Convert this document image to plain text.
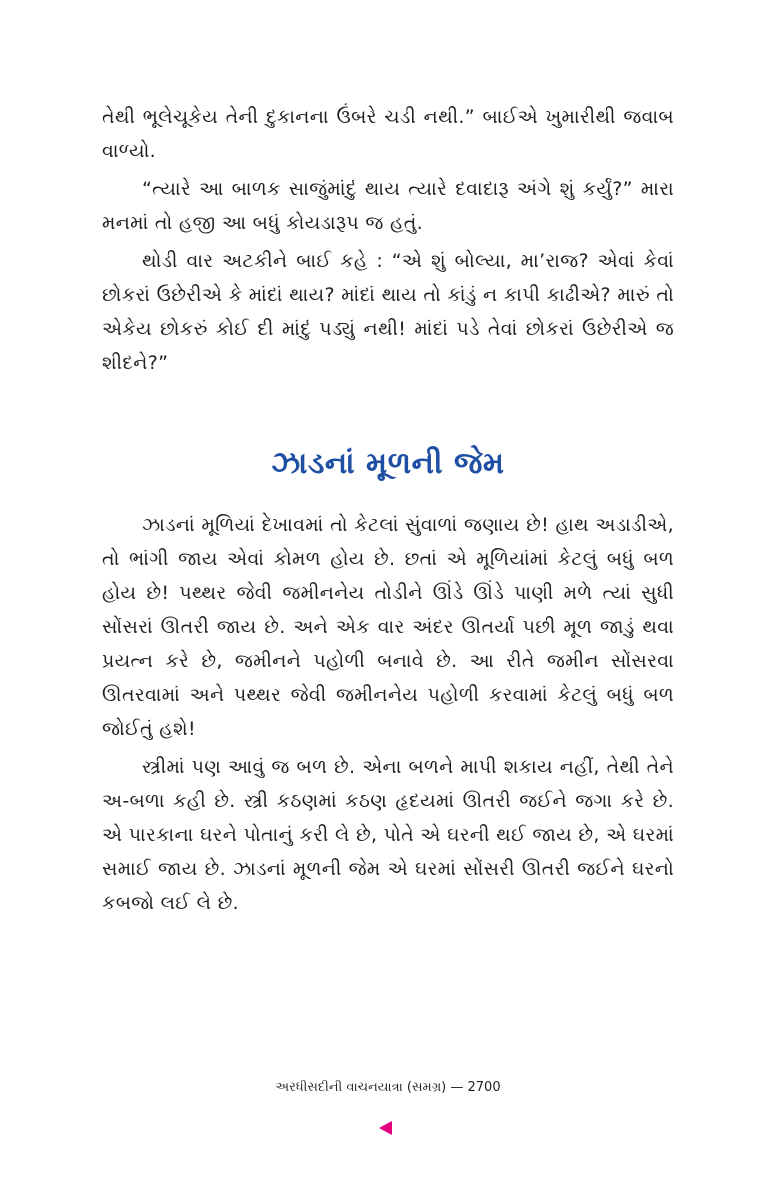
તેથી ભૂલેચૂકેય તેની દુકાનના ઉંબરે ચડી નથી.” બાઈએ ખુમારીથી જવાબ વાળ્યો.

“ત્યારે આ બાળક સાજુંમાંદું થાય ત્યારે દવાદારૂ અંગે શું કર્યું?” મારા મનમાં તો હજી આ બધું કોયડારૂપ જ હતું.

થોડી વાર અટકીને બાઈ કહે : “એ શું બોલ્યા, મા’રાજ? એવાં કેવાં છોકરાં ઉછેરીએ કે માંદાં થાય? માંદાં થાય તો કાંડું ન કાપી કાઢીએ? મારું તો એકેય છોકરું કોઈ દી માંદું પડ્યું નથી! માંદાં પડે તેવાં છોકરાં ઉછેરીએ જ શીદને?”

ઝાડનાં મૂળની જેમ

ઝાડનાં મૂળિયાં દેખાવમાં તો કેટલાં સુંવાળાં જણાય છે! હાથ અડાડીએ, તો ભાંગી જાય એવાં કોમળ હોય છે. છતાં એ મૂળિયાંમાં કેટલું બધું બળ હોય છે! પથ્થર જેવી જમીનનેય તોડીને ઊંડે ઊંડે પાણી મળે ત્યાં સુધી સોંસરાં ઊતરી જાય છે. અને એક વાર અંદર ઊતર્યા પછી મૂળ જાડું થવા પ્રયત્ન કરે છે, જમીનને પહોળી બનાવે છે. આ રીતે જમીન સોંસરવા ઊતરવામાં અને પથ્થર જેવી જમીનનેય પહોળી કરવામાં કેટલું બધું બળ જોઈતું હશે!

સ્ત્રીમાં પણ આવું જ બળ છે. એના બળને માપી શકાય નહીં, તેથી તેને અ-બળા કહી છે. સ્ત્રી કઠણમાં કઠણ હૃદયમાં ઊતરી જઈને જગા કરે છે. એ પારકાના ઘરને પોતાનું કરી લે છે, પોતે એ ઘરની થઈ જાય છે, એ ઘરમાં સમાઈ જાય છે. ઝાડનાં મૂળની જેમ એ ઘરમાં સોંસરી ઊતરી જઈને ઘરનો કબજો લઈ લે છે.

અરધીસદીની વાચનયાત્રા (સમગ્ર) — 2700
